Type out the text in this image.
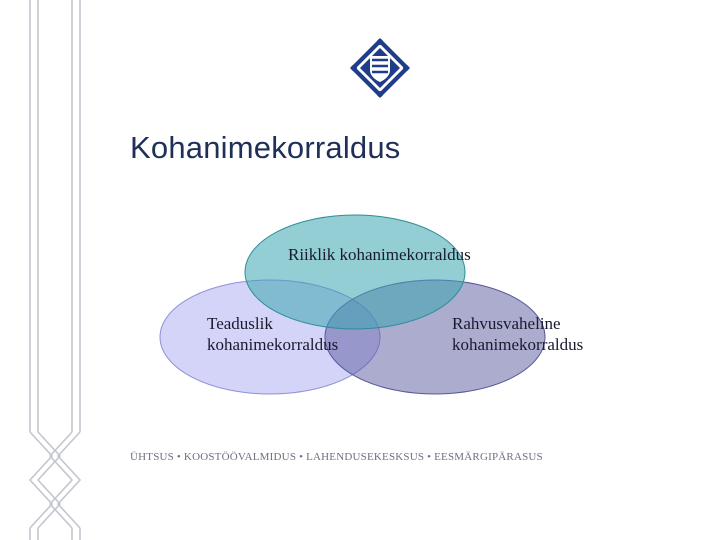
Kohanimekorraldus
Riiklik kohanimekorraldus
Teaduslik kohanimekorraldus
Rahvusvaheline kohanimekorraldus
ÜHTSUS • KOOSTÖÖVALMIDUS • LAHENDUSEKESKSUS • EESMÄRGIPÄRASUS
